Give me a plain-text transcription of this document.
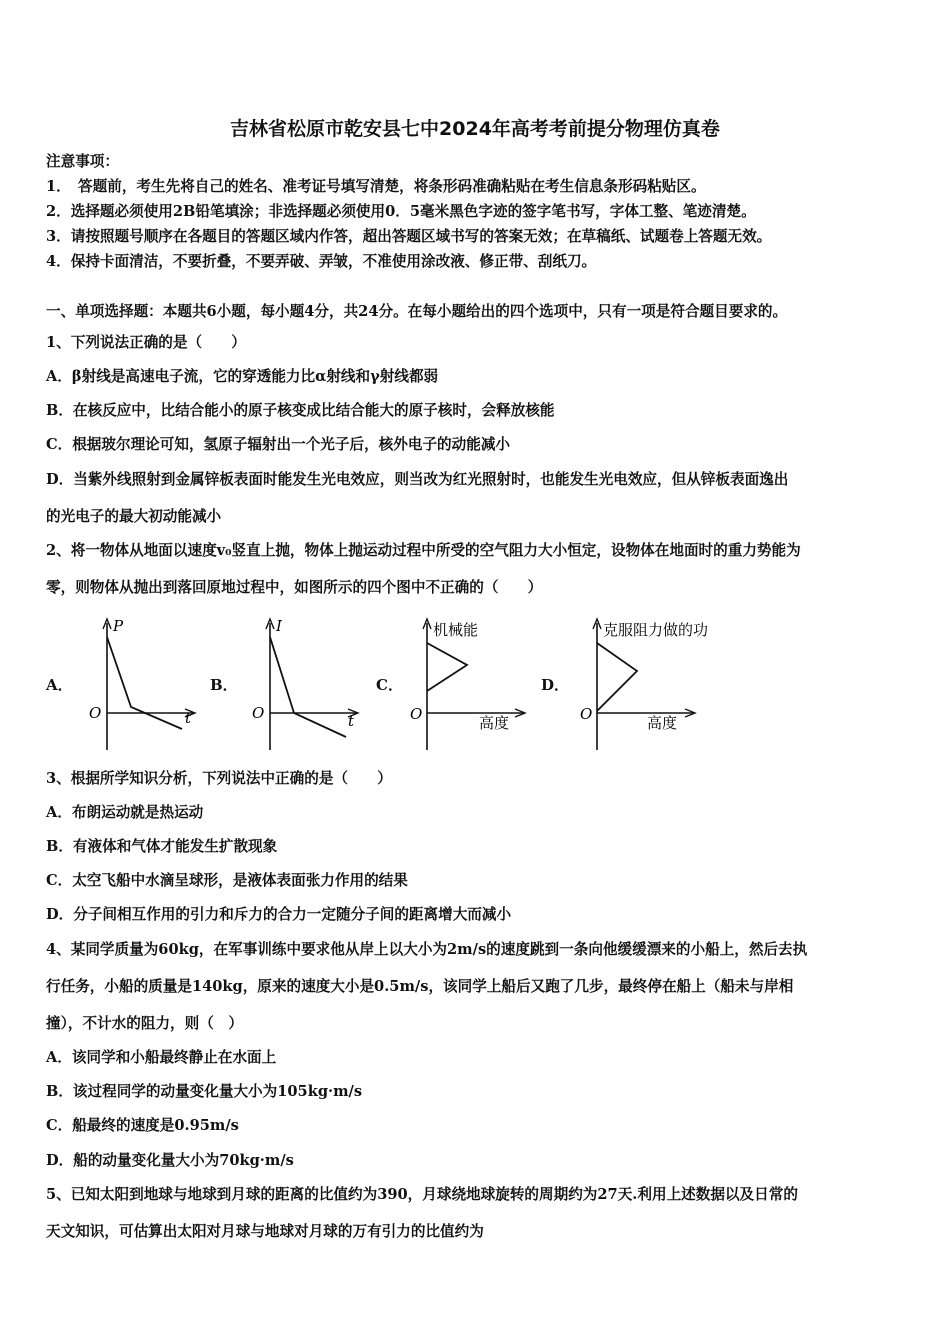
吉林省松原市乾安县七中2024年高考考前提分物理仿真卷
注意事项：
1．　答题前，考生先将自己的姓名、准考证号填写清楚，将条形码准确粘贴在考生信息条形码粘贴区。
2．选择题必须使用2B铅笔填涂；非选择题必须使用0．5毫米黑色字迹的签字笔书写，字体工整、笔迹清楚。
3．请按照题号顺序在各题目的答题区域内作答，超出答题区域书写的答案无效；在草稿纸、试题卷上答题无效。
4．保持卡面清洁，不要折叠，不要弄破、弄皱，不准使用涂改液、修正带、刮纸刀。
一、单项选择题：本题共6小题，每小题4分，共24分。在每小题给出的四个选项中，只有一项是符合题目要求的。
1、下列说法正确的是（　　）
A．β射线是高速电子流，它的穿透能力比α射线和γ射线都弱
B．在核反应中，比结合能小的原子核变成比结合能大的原子核时，会释放核能
C．根据玻尔理论可知，氢原子辐射出一个光子后，核外电子的动能减小
D．当紫外线照射到金属锌板表面时能发生光电效应，则当改为红光照射时，也能发生光电效应，但从锌板表面逸出
的光电子的最大初动能减小
2、将一物体从地面以速度v₀竖直上抛，物体上抛运动过程中所受的空气阻力大小恒定，设物体在地面时的重力势能为
零，则物体从抛出到落回原地过程中，如图所示的四个图中不正确的（　　）
A．
P
O	t
B．
I
O	t
C．
机械能
O	高度
D．
克服阻力做的功
O	高度
3、根据所学知识分析，下列说法中正确的是（　　）
A．布朗运动就是热运动
B．有液体和气体才能发生扩散现象
C．太空飞船中水滴呈球形，是液体表面张力作用的结果
D．分子间相互作用的引力和斥力的合力一定随分子间的距离增大而减小
4、某同学质量为60kg，在军事训练中要求他从岸上以大小为2m/s的速度跳到一条向他缓缓漂来的小船上，然后去执
行任务，小船的质量是140kg，原来的速度大小是0.5m/s，该同学上船后又跑了几步，最终停在船上（船未与岸相
撞），不计水的阻力，则（　）
A．该同学和小船最终静止在水面上
B．该过程同学的动量变化量大小为105kg·m/s
C．船最终的速度是0.95m/s
D．船的动量变化量大小为70kg·m/s
5、已知太阳到地球与地球到月球的距离的比值约为390，月球绕地球旋转的周期约为27天.利用上述数据以及日常的
天文知识，可估算出太阳对月球与地球对月球的万有引力的比值约为
